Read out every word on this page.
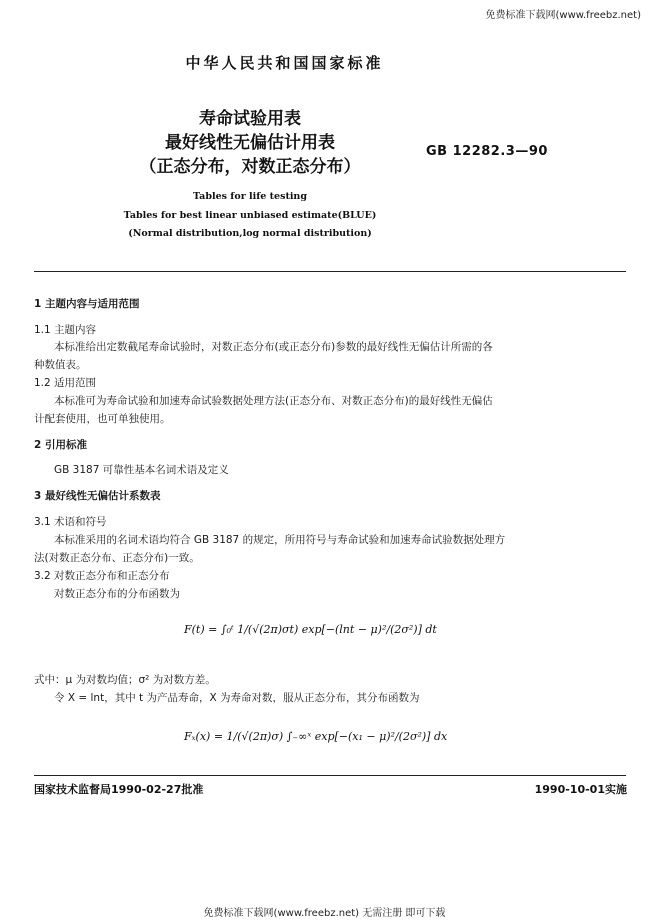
免费标准下载网(www.freebz.net)
中华人民共和国国家标准
寿命试验用表
最好线性无偏估计用表
（正态分布，对数正态分布）
GB 12282.3—90
Tables for life testing
Tables for best linear unbiased estimate(BLUE)
(Normal distribution,log normal distribution)
1 主题内容与适用范围
1.1 主题内容
本标准给出定数截尾寿命试验时，对数正态分布(或正态分布)参数的最好线性无偏估计所需的各
种数值表。
1.2 适用范围
本标准可为寿命试验和加速寿命试验数据处理方法(正态分布、对数正态分布)的最好线性无偏估
计配套使用，也可单独使用。
2 引用标准
GB 3187 可靠性基本名词术语及定义
3 最好线性无偏估计系数表
3.1 术语和符号
本标准采用的名词术语均符合 GB 3187 的规定，所用符号与寿命试验和加速寿命试验数据处理方
法(对数正态分布、正态分布)一致。
3.2 对数正态分布和正态分布
对数正态分布的分布函数为
F(t) = ∫₀ᵗ 1/(√(2π)σt) exp[−(lnt − μ)²/(2σ²)] dt
式中：μ 为对数均值；σ² 为对数方差。
令 X = lnt，其中 t 为产品寿命，X 为寿命对数，服从正态分布，其分布函数为
Fₓ(x) = 1/(√(2π)σ) ∫₋∞ˣ exp[−(x₁ − μ)²/(2σ²)] dx
国家技术监督局1990-02-27批准	1990-10-01实施
免费标准下载网(www.freebz.net) 无需注册 即可下载
